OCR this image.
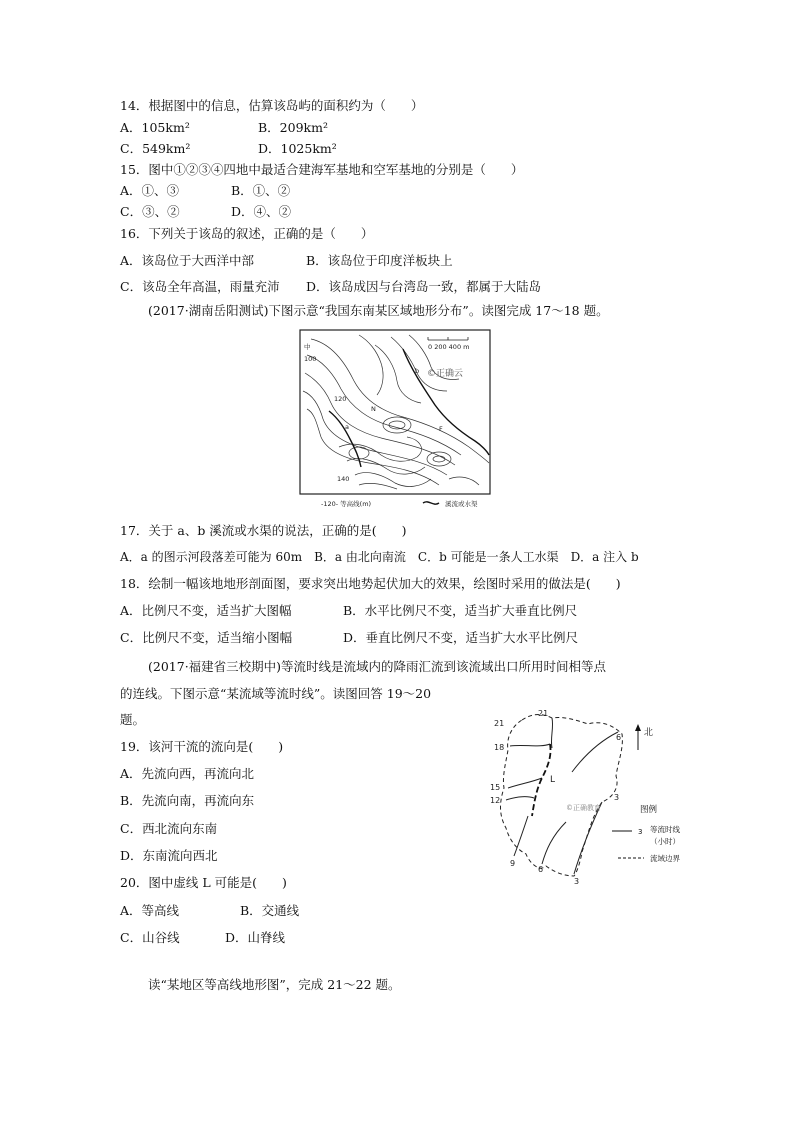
14．根据图中的信息，估算该岛屿的面积约为（　　）
A．105km²	B．209km²
C．549km²	D．1025km²
15．图中①②③④四地中最适合建海军基地和空军基地的分别是（　　）
A．①、③	B．①、②
C．③、②	D．④、②
16．下列关于该岛的叙述，正确的是（　　）
A．该岛位于大西洋中部	B．该岛位于印度洋板块上
C．该岛全年高温，雨量充沛 D．该岛成因与台湾岛一致，都属于大陆岛
(2017·湖南岳阳测试)下图示意“我国东南某区域地形分布”。读图完成 17～18 题。
0 200 400 m
100
120
140
中
b
a
N
F
©正确云
-120- 等高线(m)	溪流或水渠
17．关于 a、b 溪流或水渠的说法，正确的是(　　)
A．a 的图示河段落差可能为 60m　B．a 由北向南流　C．b 可能是一条人工水渠　D．a 注入 b
18．绘制一幅该地地形剖面图，要求突出地势起伏加大的效果，绘图时采用的做法是(　　)
A．比例尺不变，适当扩大图幅	B．水平比例尺不变，适当扩大垂直比例尺
C．比例尺不变，适当缩小图幅	D．垂直比例尺不变，适当扩大水平比例尺
(2017·福建省三校期中)等流时线是流域内的降雨汇流到该流域出口所用时间相等点
的连线。下图示意“某流域等流时线”。读图回答 19～20
题。
19．该河干流的流向是(　　)
A．先流向西，再流向北
B．先流向南，再流向东
C．西北流向东南
D．东南流向西北
20．图中虚线 L 可能是(　　)
A．等高线	B．交通线
C．山谷线	D．山脊线
21
21
18
15
12
9
6
3
3
6
L
©正确教育
北
图例
3 等流时线
（小时）
流域边界
读“某地区等高线地形图”，完成 21～22 题。
